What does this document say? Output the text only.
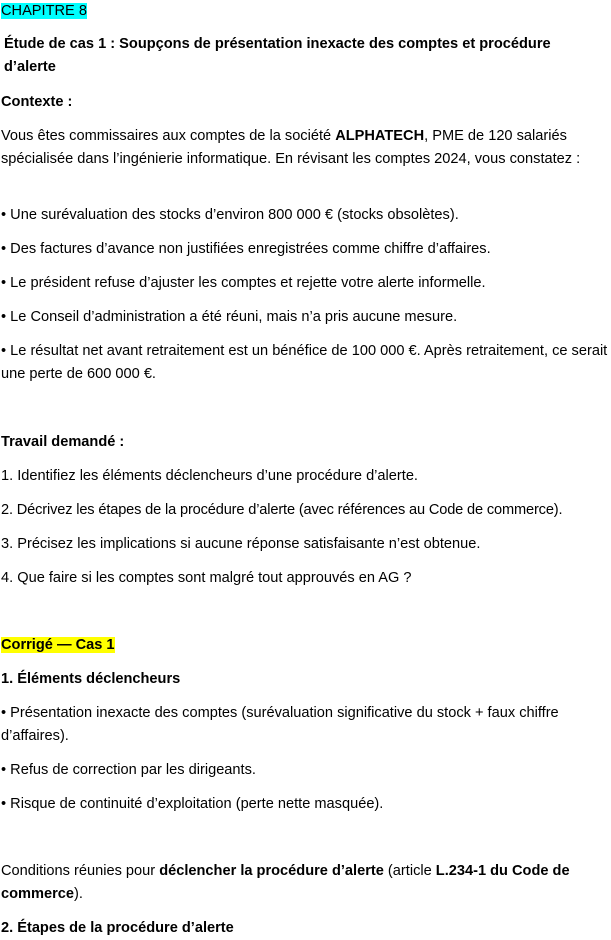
CHAPITRE 8
Étude de cas 1 : Soupçons de présentation inexacte des comptes et procédure d’alerte
Contexte :
Vous êtes commissaires aux comptes de la société ALPHATECH, PME de 120 salariés spécialisée dans l’ingénierie informatique. En révisant les comptes 2024, vous constatez :
• Une surévaluation des stocks d’environ 800 000 € (stocks obsolètes).
• Des factures d’avance non justifiées enregistrées comme chiffre d’affaires.
• Le président refuse d’ajuster les comptes et rejette votre alerte informelle.
• Le Conseil d’administration a été réuni, mais n’a pris aucune mesure.
• Le résultat net avant retraitement est un bénéfice de 100 000 €. Après retraitement, ce serait une perte de 600 000 €.
Travail demandé :
1. Identifiez les éléments déclencheurs d’une procédure d’alerte.
2. Décrivez les étapes de la procédure d’alerte (avec références au Code de commerce).
3. Précisez les implications si aucune réponse satisfaisante n’est obtenue.
4. Que faire si les comptes sont malgré tout approuvés en AG ?
Corrigé — Cas 1
1. Éléments déclencheurs
• Présentation inexacte des comptes (surévaluation significative du stock + faux chiffre d’affaires).
• Refus de correction par les dirigeants.
• Risque de continuité d’exploitation (perte nette masquée).
Conditions réunies pour déclencher la procédure d’alerte (article L.234-1 du Code de commerce).
2. Étapes de la procédure d’alerte
